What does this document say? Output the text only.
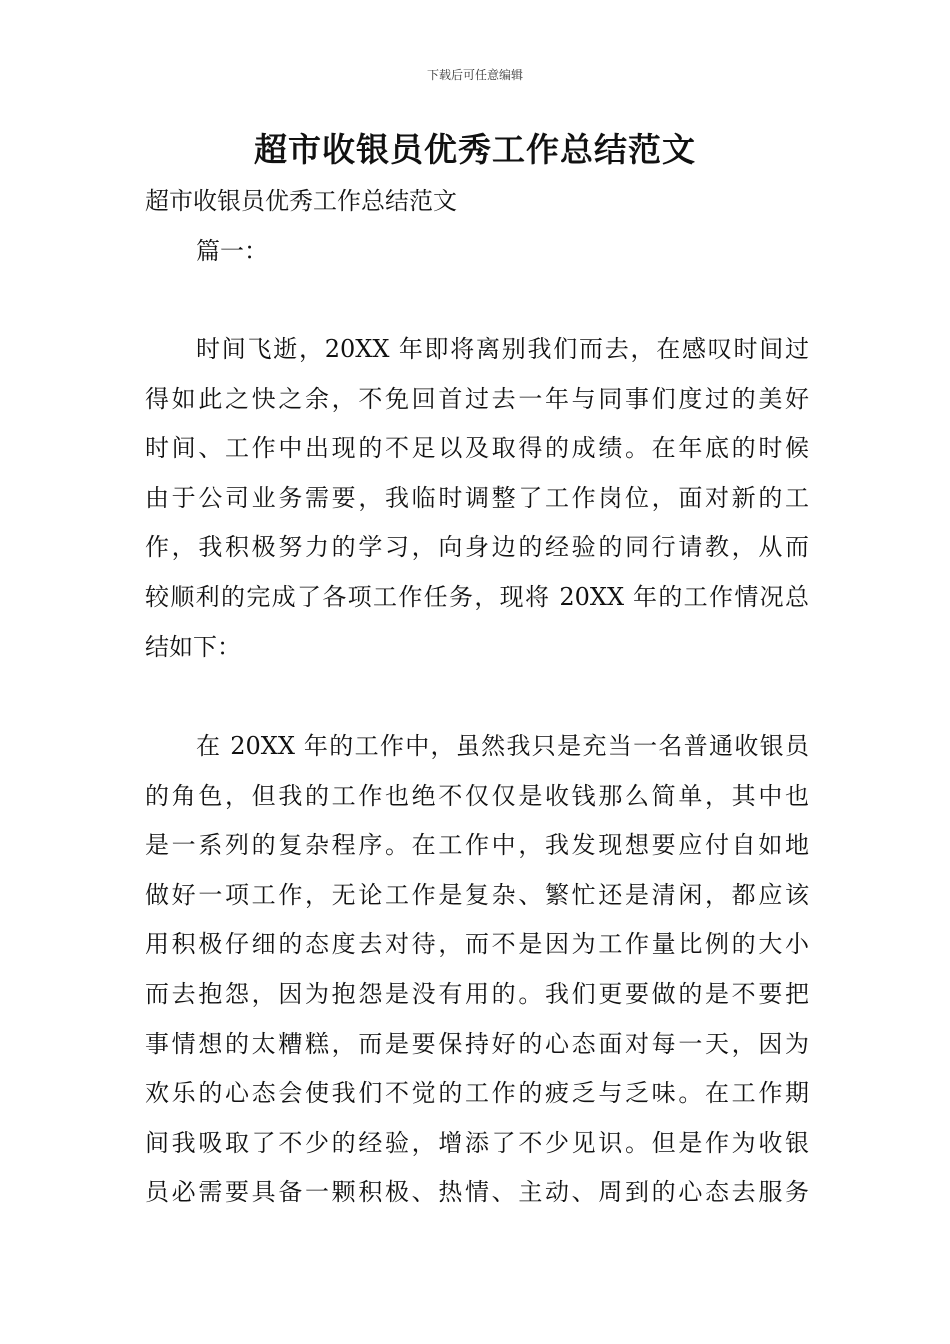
下载后可任意编辑
超市收银员优秀工作总结范文

超市收银员优秀工作总结范文

篇一：

时间飞逝，20XX 年即将离别我们而去，在感叹时间过
得如此之快之余，不免回首过去一年与同事们度过的美好
时间、工作中出现的不足以及取得的成绩。在年底的时候
由于公司业务需要，我临时调整了工作岗位，面对新的工
作，我积极努力的学习，向身边的经验的同行请教，从而
较顺利的完成了各项工作任务，现将 20XX 年的工作情况总
结如下：
在 20XX 年的工作中，虽然我只是充当一名普通收银员
的角色，但我的工作也绝不仅仅是收钱那么简单，其中也
是一系列的复杂程序。在工作中，我发现想要应付自如地
做好一项工作，无论工作是复杂、繁忙还是清闲，都应该
用积极仔细的态度去对待，而不是因为工作量比例的大小
而去抱怨，因为抱怨是没有用的。我们更要做的是不要把
事情想的太糟糕，而是要保持好的心态面对每一天，因为
欢乐的心态会使我们不觉的工作的疲乏与乏味。在工作期
间我吸取了不少的经验，增添了不少见识。但是作为收银
员必需要具备一颗积极、热情、主动、周到的心态去服务
